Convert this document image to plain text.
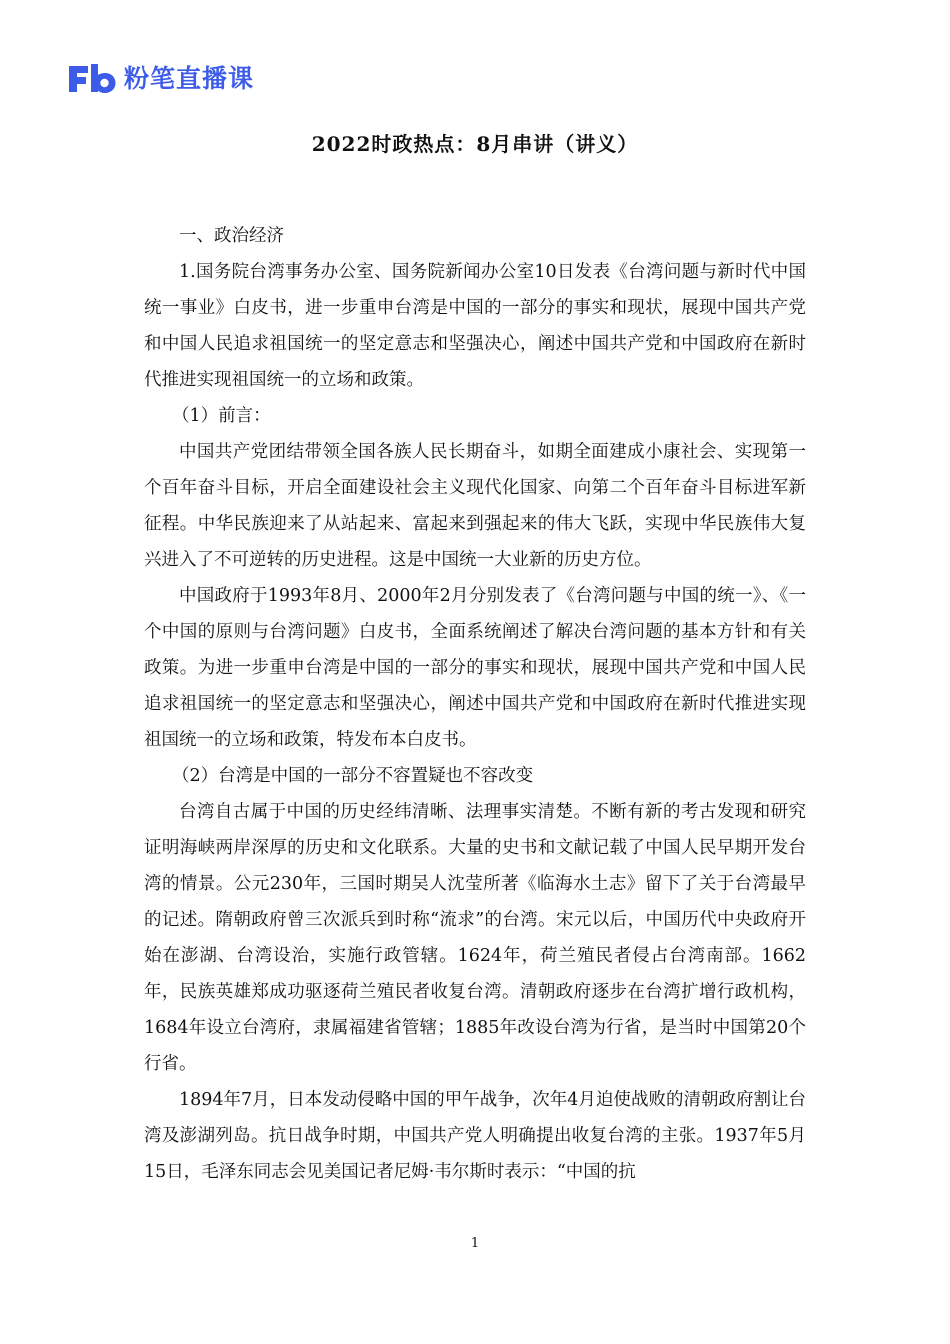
粉笔直播课
2022时政热点：8月串讲（讲义）

一、政治经济

1.国务院台湾事务办公室、国务院新闻办公室10日发表《台湾问题与新时代中国统一事业》白皮书，进一步重申台湾是中国的一部分的事实和现状，展现中国共产党和中国人民追求祖国统一的坚定意志和坚强决心，阐述中国共产党和中国政府在新时代推进实现祖国统一的立场和政策。

（1）前言：

中国共产党团结带领全国各族人民长期奋斗，如期全面建成小康社会、实现第一个百年奋斗目标，开启全面建设社会主义现代化国家、向第二个百年奋斗目标进军新征程。中华民族迎来了从站起来、富起来到强起来的伟大飞跃，实现中华民族伟大复兴进入了不可逆转的历史进程。这是中国统一大业新的历史方位。

中国政府于1993年8月、2000年2月分别发表了《台湾问题与中国的统一》、《一个中国的原则与台湾问题》白皮书，全面系统阐述了解决台湾问题的基本方针和有关政策。为进一步重申台湾是中国的一部分的事实和现状，展现中国共产党和中国人民追求祖国统一的坚定意志和坚强决心，阐述中国共产党和中国政府在新时代推进实现祖国统一的立场和政策，特发布本白皮书。

（2）台湾是中国的一部分不容置疑也不容改变

台湾自古属于中国的历史经纬清晰、法理事实清楚。不断有新的考古发现和研究证明海峡两岸深厚的历史和文化联系。大量的史书和文献记载了中国人民早期开发台湾的情景。公元230年，三国时期吴人沈莹所著《临海水土志》留下了关于台湾最早的记述。隋朝政府曾三次派兵到时称“流求”的台湾。宋元以后，中国历代中央政府开始在澎湖、台湾设治，实施行政管辖。1624年，荷兰殖民者侵占台湾南部。1662年，民族英雄郑成功驱逐荷兰殖民者收复台湾。清朝政府逐步在台湾扩增行政机构，1684年设立台湾府，隶属福建省管辖；1885年改设台湾为行省，是当时中国第20个行省。

1894年7月，日本发动侵略中国的甲午战争，次年4月迫使战败的清朝政府割让台湾及澎湖列岛。抗日战争时期，中国共产党人明确提出收复台湾的主张。1937年5月15日，毛泽东同志会见美国记者尼姆·韦尔斯时表示：“中国的抗

1
